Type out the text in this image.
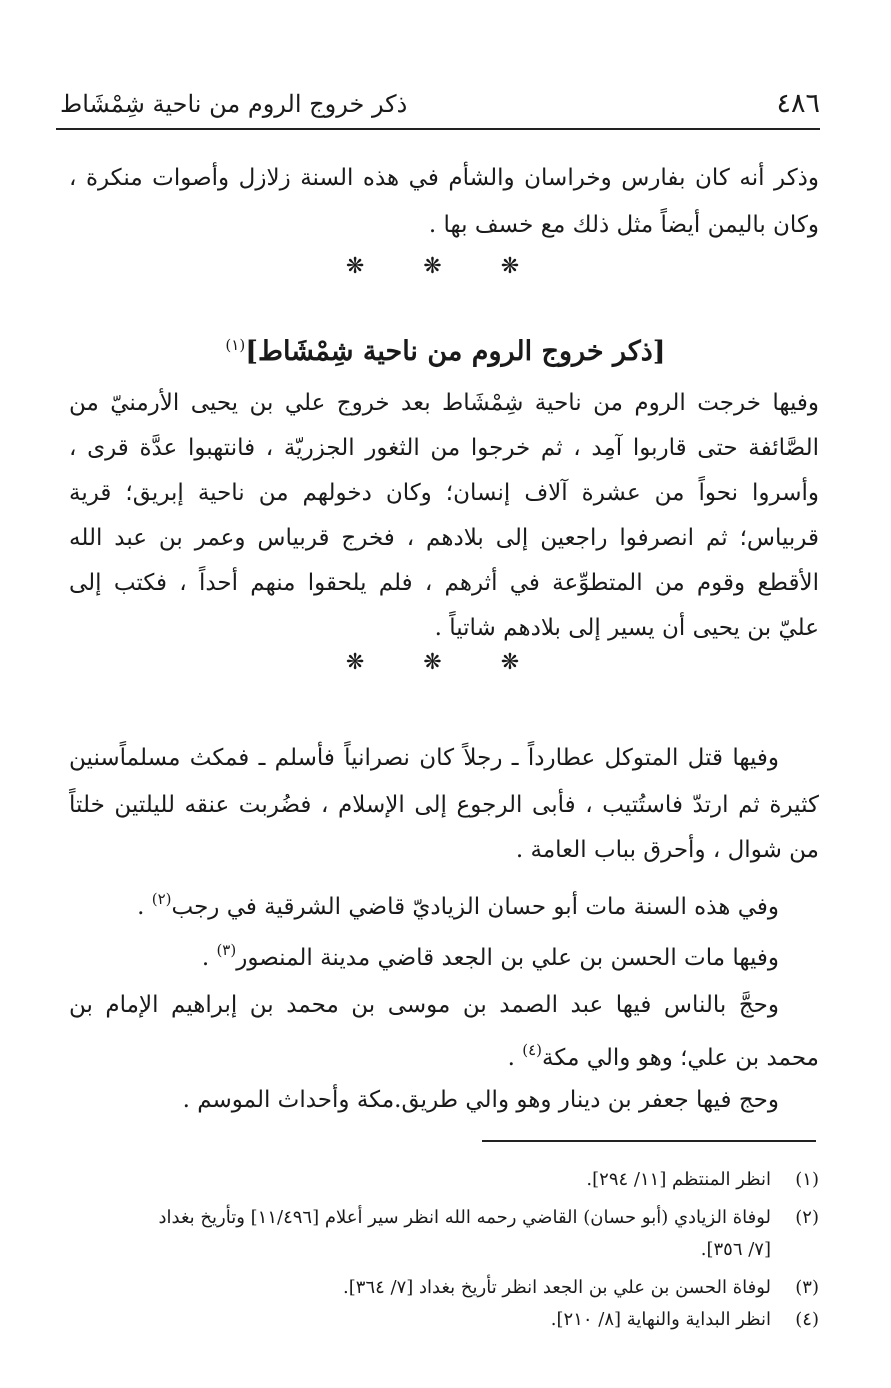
٤٨٦
ذكر خروج الروم من ناحية شِمْشَاط
وذكر أنه كان بفارس وخراسان والشأم في هذه السنة زلازل وأصوات منكرة ،
وكان باليمن أيضاً مثل ذلك مع خسف بها .
❋ ❋ ❋
[ذكر خروج الروم من ناحية شِمْشَاط]$^{(١)}$
وفيها خرجت الروم من ناحية شِمْشَاط بعد خروج علي بن يحيى الأرمنيّ من
الصَّائفة حتى قاربوا آمِد ، ثم خرجوا من الثغور الجزريّة ، فانتهبوا عدَّة قرى ،
وأسروا نحواً من عشرة آلاف إنسان؛ وكان دخولهم من ناحية إبريق؛ قرية
قربياس؛ ثم انصرفوا راجعين إلى بلادهم ، فخرج قربياس وعمر بن عبد الله
الأقطع وقوم من المتطوِّعة في أثرهم ، فلم يلحقوا منهم أحداً ، فكتب إلى
عليّ بن يحيى أن يسير إلى بلادهم شاتياً .
❋ ❋ ❋
وفيها قتل المتوكل عطارداً ـ رجلاً كان نصرانياً فأسلم ـ فمكث مسلماًسنين
كثيرة ثم ارتدّ فاستُتيب ، فأبى الرجوع إلى الإسلام ، فضُربت عنقه لليلتين خلتاً
من شوال ، وأحرق بباب العامة .
وفي هذه السنة مات أبو حسان الزياديّ قاضي الشرقية في رجب$^{(٢)}$ .
وفيها مات الحسن بن علي بن الجعد قاضي مدينة المنصور$^{(٣)}$ .
وحجَّ بالناس فيها عبد الصمد بن موسى بن محمد بن إبراهيم الإمام بن
محمد بن علي؛ وهو والي مكة$^{(٤)}$ .
وحج فيها جعفر بن دينار وهو والي طريق.مكة وأحداث الموسم .
(١)انظر المنتظم [١١/ ٢٩٤].
(٢)لوفاة الزيادي (أبو حسان) القاضي رحمه الله انظر سير أعلام [١١/٤٩٦] وتأريخ بغداد
[٧/ ٣٥٦].
(٣)لوفاة الحسن بن علي بن الجعد انظر تأريخ بغداد [٧/ ٣٦٤].
(٤)انظر البداية والنهاية [٨/ ٢١٠].
